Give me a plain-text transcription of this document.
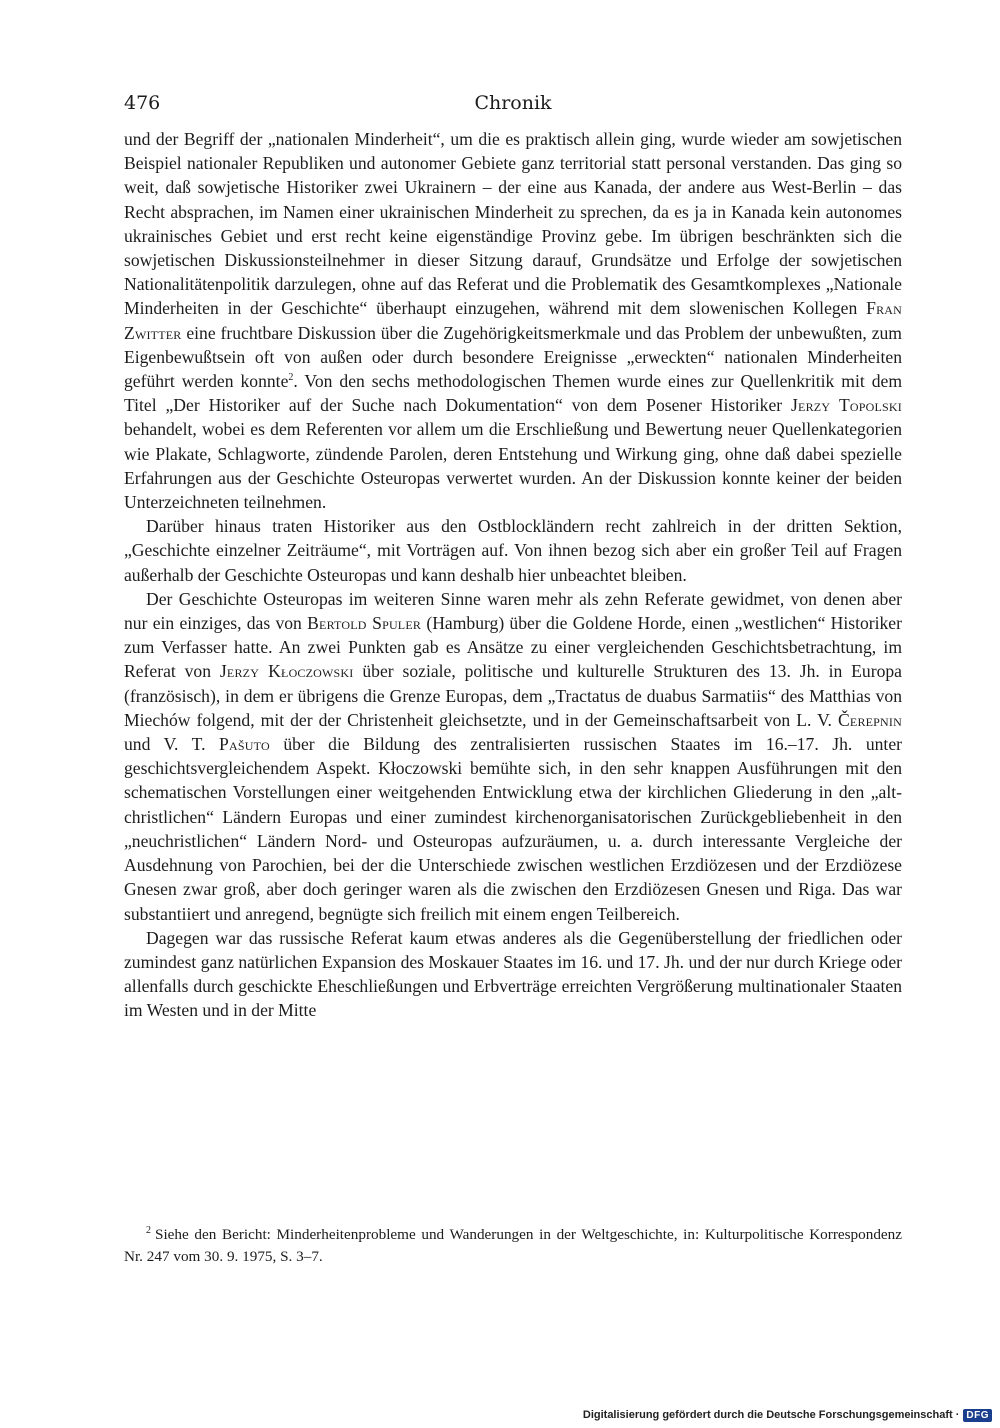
476	Chronik

und der Begriff der „nationalen Minderheit“, um die es praktisch allein ging, wurde wieder am sowjetischen Beispiel nationaler Republiken und autonomer Gebiete ganz territorial statt personal verstanden. Das ging so weit, daß sowjetische Historiker zwei Ukrainern – der eine aus Kanada, der andere aus West-Berlin – das Recht absprachen, im Namen einer ukrainischen Minderheit zu sprechen, da es ja in Kanada kein autonomes ukrainisches Gebiet und erst recht keine eigenständige Provinz gebe. Im übrigen beschränkten sich die sowjetischen Diskussionsteilnehmer in dieser Sitzung darauf, Grundsätze und Erfolge der sowjetischen Nationalitätenpolitik darzulegen, ohne auf das Referat und die Problematik des Gesamtkomplexes „Nationale Minderheiten in der Geschichte“ überhaupt einzugehen, während mit dem slowenischen Kollegen Fran Zwitter eine fruchtbare Diskussion über die Zugehörigkeitsmerkmale und das Problem der unbewußten, zum Eigenbewußtsein oft von außen oder durch besondere Ereignisse „erweckten“ nationalen Minderheiten geführt werden konnte$^2$. Von den sechs methodologischen Themen wurde eines zur Quellenkritik mit dem Titel „Der Historiker auf der Suche nach Dokumentation“ von dem Posener Historiker Jerzy Topolski behandelt, wobei es dem Referenten vor allem um die Erschließung und Bewertung neuer Quellenkategorien wie Plakate, Schlagworte, zündende Parolen, deren Entstehung und Wirkung ging, ohne daß dabei spezielle Erfahrungen aus der Geschichte Osteuropas verwertet wurden. An der Diskussion konnte keiner der beiden Unterzeichneten teilnehmen.

Darüber hinaus traten Historiker aus den Ostblockländern recht zahlreich in der dritten Sektion, „Geschichte einzelner Zeiträume“, mit Vorträgen auf. Von ihnen bezog sich aber ein großer Teil auf Fragen außerhalb der Geschichte Osteuropas und kann deshalb hier unbeachtet bleiben.

Der Geschichte Osteuropas im weiteren Sinne waren mehr als zehn Referate gewidmet, von denen aber nur ein einziges, das von Bertold Spuler (Hamburg) über die Goldene Horde, einen „westlichen“ Historiker zum Verfasser hatte. An zwei Punkten gab es Ansätze zu einer vergleichenden Geschichtsbetrachtung, im Referat von Jerzy Kłoczowski über soziale, politische und kulturelle Strukturen des 13. Jh. in Europa (französisch), in dem er übrigens die Grenze Europas, dem „Tractatus de duabus Sarmatiis“ des Matthias von Miechów folgend, mit der der Christenheit gleichsetzte, und in der Gemeinschaftsarbeit von L. V. Čerepnin und V. T. Pašuto über die Bildung des zentralisierten russischen Staates im 16.–17. Jh. unter geschichtsvergleichendem Aspekt. Kłoczowski bemühte sich, in den sehr knappen Ausführungen mit den schematischen Vorstellungen einer weitgehenden Entwicklung etwa der kirchlichen Gliederung in den „alt-christlichen“ Ländern Europas und einer zumindest kirchenorganisatorischen Zurückgebliebenheit in den „neuchristlichen“ Ländern Nord- und Osteuropas aufzuräumen, u. a. durch interessante Vergleiche der Ausdehnung von Parochien, bei der die Unterschiede zwischen westlichen Erzdiözesen und der Erzdiözese Gnesen zwar groß, aber doch geringer waren als die zwischen den Erzdiözesen Gnesen und Riga. Das war substantiiert und anregend, begnügte sich freilich mit einem engen Teilbereich.

Dagegen war das russische Referat kaum etwas anderes als die Gegenüberstellung der friedlichen oder zumindest ganz natürlichen Expansion des Moskauer Staates im 16. und 17. Jh. und der nur durch Kriege oder allenfalls durch geschickte Eheschließungen und Erbverträge erreichten Vergrößerung multinationaler Staaten im Westen und in der Mitte

$^2$ Siehe den Bericht: Minderheitenprobleme und Wanderungen in der Weltgeschichte, in: Kulturpolitische Korrespondenz Nr. 247 vom 30. 9. 1975, S. 3–7.
Digitalisierung gefördert durch die Deutsche Forschungsgemeinschaft · DFG
